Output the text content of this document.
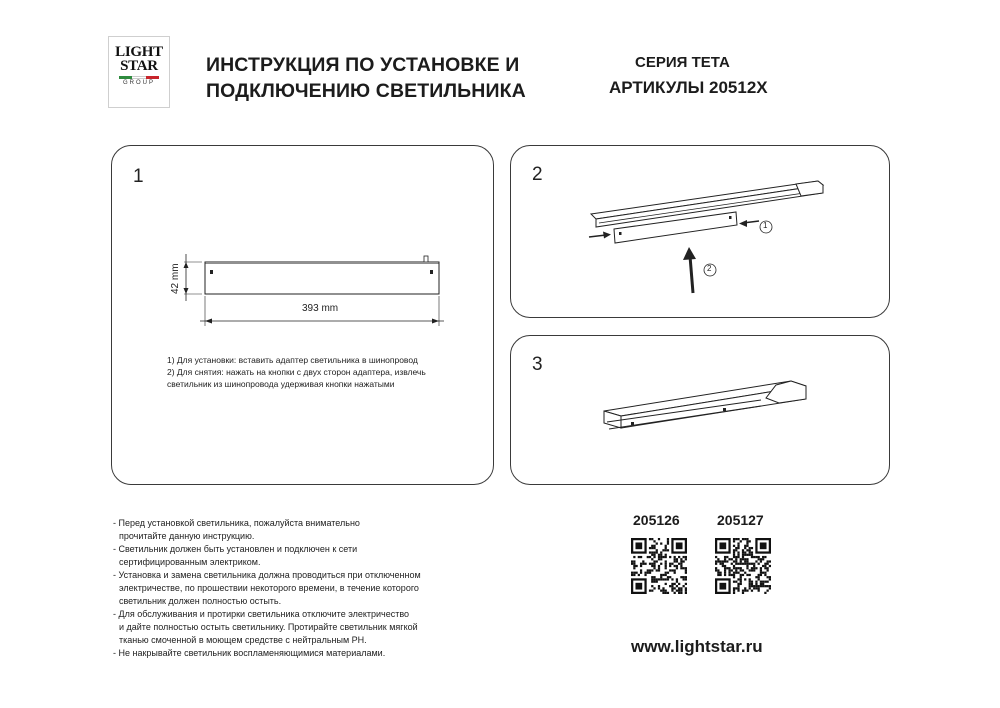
LIGHT
STAR
GROUP
ИНСТРУКЦИЯ ПО УСТАНОВКЕ И
ПОДКЛЮЧЕНИЮ СВЕТИЛЬНИКА
СЕРИЯ ТЕТА
АРТИКУЛЫ 20512X
1
42 mm
393 mm
1) Для установки: вставить адаптер светильника в шинопровод
2) Для снятия: нажать на кнопки с двух сторон адаптера, извлечь
светильник из шинопровода удерживая кнопки нажатыми
2
1
2
3
- Перед установкой светильника, пожалуйста внимательно
прочитайте данную инструкцию.
- Светильник должен быть установлен и подключен к сети
сертифицированным электриком.
- Установка и замена светильника должна проводиться при отключенном
электричестве, по прошествии некоторого времени, в течение которого
светильник должен полностью остыть.
- Для обслуживания и протирки светильника отключите электричество
и дайте полностью остыть светильнику. Протирайте светильник мягкой
тканью смоченной в моющем средстве с нейтральным PH.
- Не накрывайте светильник воспламеняющимися материалами.
205126	205127
www.lightstar.ru
